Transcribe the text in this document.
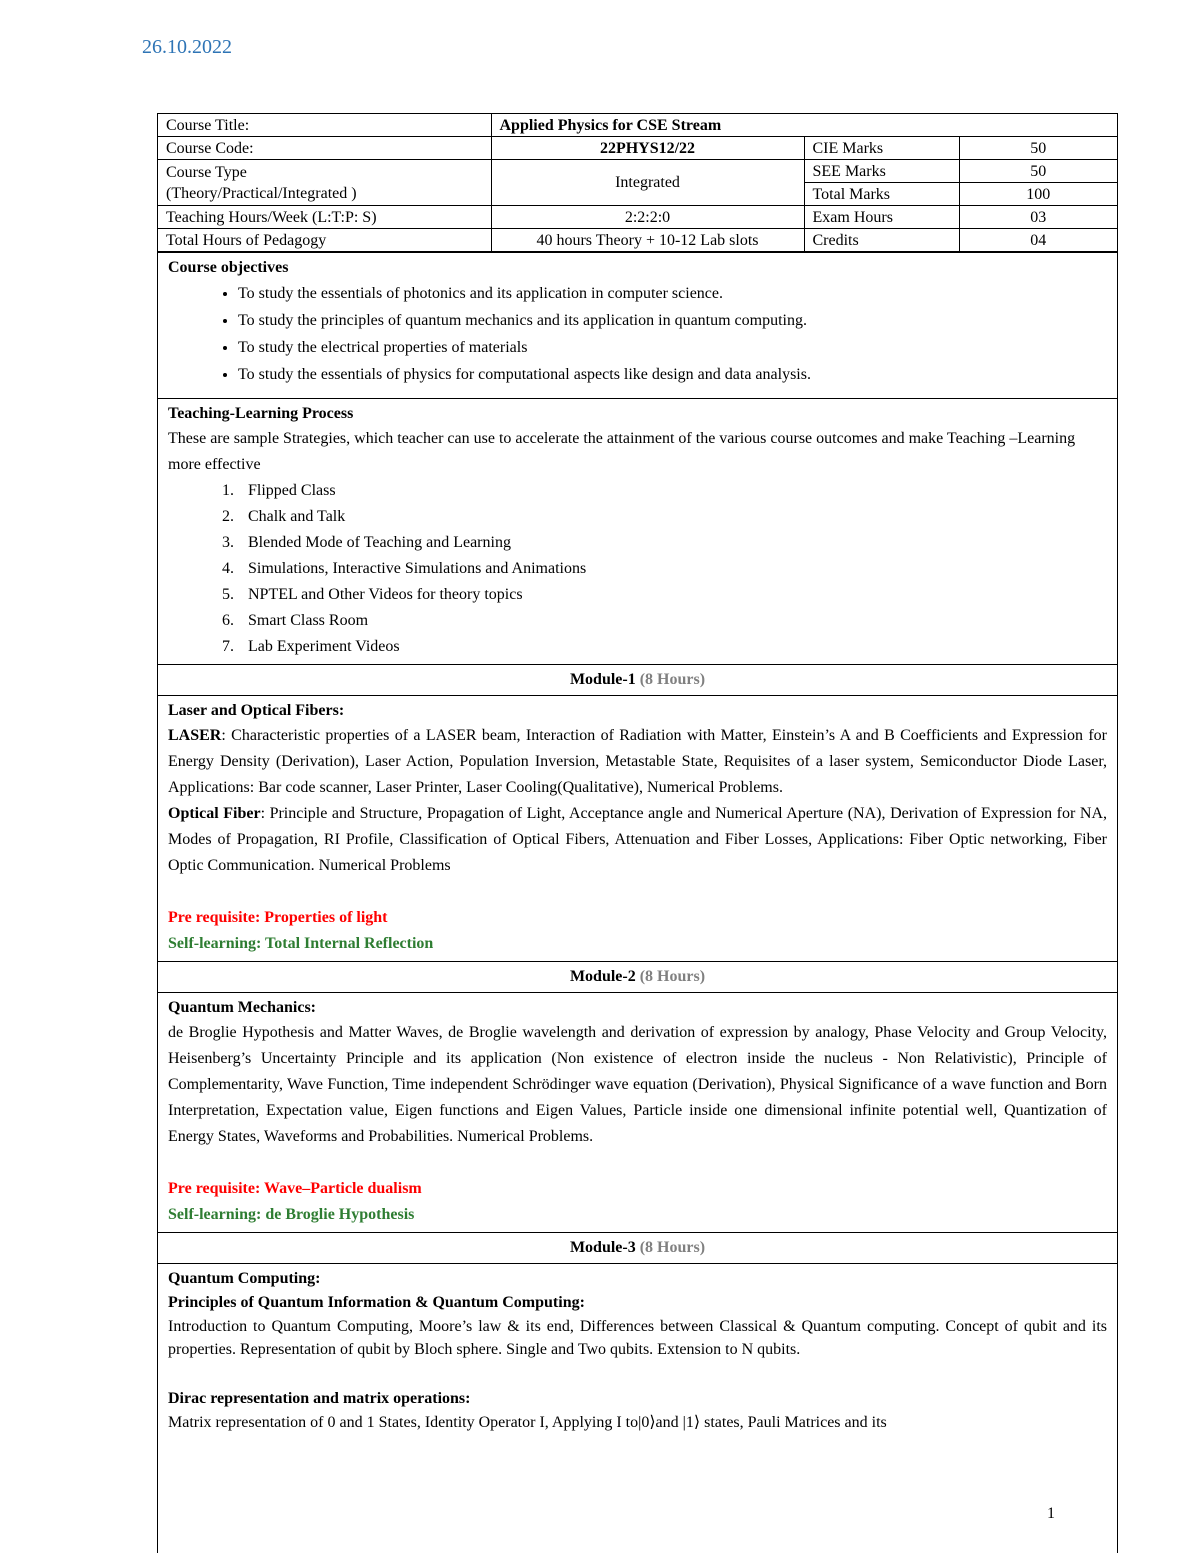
26.10.2022
Course Title:	Applied Physics for CSE Stream		
Course Code:	22PHYS12/22	CIE Marks	50

Course Type
(Theory/Practical/Integrated )	Integrated	SEE Marks	50
		Total Marks	100
Teaching Hours/Week (L:T:P: S)	2:2:2:0	Exam Hours	03
Total Hours of Pedagogy	40 hours Theory + 10-12 Lab slots	Credits	04
Course objectives
• To study the essentials of photonics and its application in computer science.
• To study the principles of quantum mechanics and its application in quantum computing.
• To study the electrical properties of materials
• To study the essentials of physics for computational aspects like design and data analysis.
Teaching-Learning Process
These are sample Strategies, which teacher can use to accelerate the attainment of the various course outcomes and make Teaching –Learning more effective
1. Flipped Class
2. Chalk and Talk
3. Blended Mode of Teaching and Learning
4. Simulations, Interactive Simulations and Animations
5. NPTEL and Other Videos for theory topics
6. Smart Class Room
7. Lab Experiment Videos
Module-1 (8 Hours)
Laser and Optical Fibers:
LASER: Characteristic properties of a LASER beam, Interaction of Radiation with Matter, Einstein’s A and B Coefficients and Expression for Energy Density (Derivation), Laser Action, Population Inversion, Metastable State, Requisites of a laser system, Semiconductor Diode Laser, Applications: Bar code scanner, Laser Printer, Laser Cooling(Qualitative), Numerical Problems.
Optical Fiber: Principle and Structure, Propagation of Light, Acceptance angle and Numerical Aperture (NA), Derivation of Expression for NA, Modes of Propagation, RI Profile, Classification of Optical Fibers, Attenuation and Fiber Losses, Applications: Fiber Optic networking, Fiber Optic Communication. Numerical Problems
Pre requisite: Properties of light
Self-learning: Total Internal Reflection
Module-2 (8 Hours)
Quantum Mechanics:
de Broglie Hypothesis and Matter Waves, de Broglie wavelength and derivation of expression by analogy, Phase Velocity and Group Velocity, Heisenberg’s Uncertainty Principle and its application (Non existence of electron inside the nucleus - Non Relativistic), Principle of Complementarity, Wave Function, Time independent Schrödinger wave equation (Derivation), Physical Significance of a wave function and Born Interpretation, Expectation value, Eigen functions and Eigen Values, Particle inside one dimensional infinite potential well, Quantization of Energy States, Waveforms and Probabilities. Numerical Problems.
Pre requisite: Wave–Particle dualism
Self-learning: de Broglie Hypothesis
Module-3 (8 Hours)
Quantum Computing:
Principles of Quantum Information & Quantum Computing:
Introduction to Quantum Computing, Moore’s law & its end, Differences between Classical & Quantum computing. Concept of qubit and its properties. Representation of qubit by Bloch sphere. Single and Two qubits. Extension to N qubits.
Dirac representation and matrix operations:
Matrix representation of 0 and 1 States, Identity Operator I, Applying I to|0⟩and |1⟩ states, Pauli Matrices and its
1
